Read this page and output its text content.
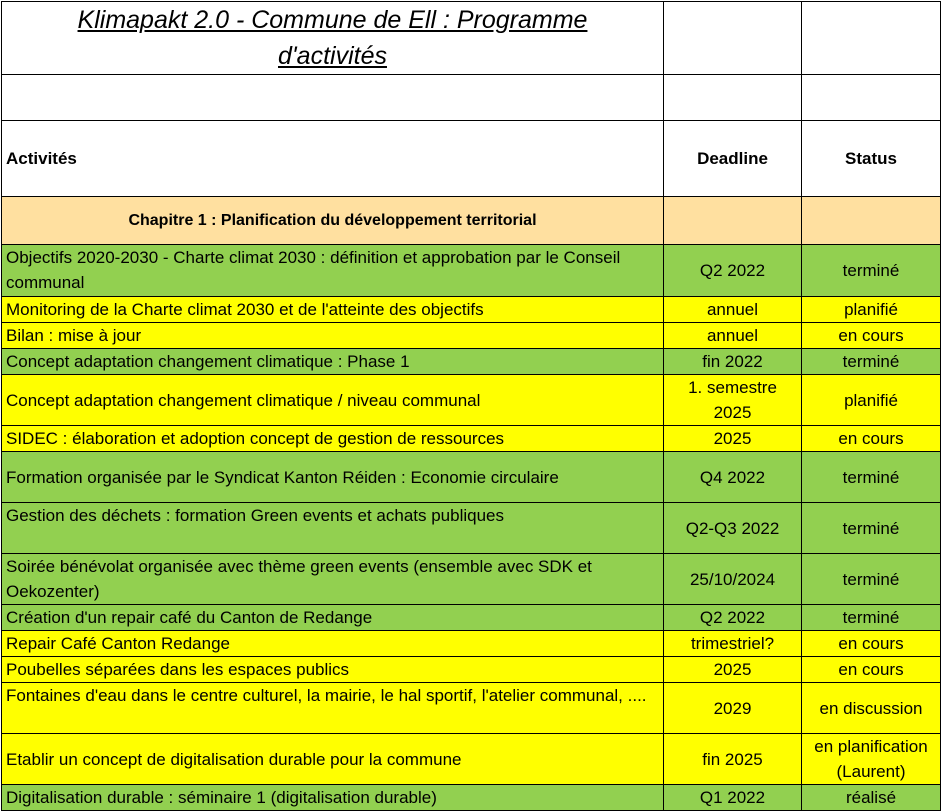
Klimapakt 2.0 - Commune de Ell : Programme d'activités		

Activités	Deadline	Status
Chapitre 1 : Planification du développement territorial		
Objectifs 2020-2030 - Charte climat 2030 : définition et approbation par le Conseil communal	Q2 2022	terminé
Monitoring de la Charte climat 2030 et de l'atteinte des objectifs	annuel	planifié
Bilan : mise à jour	annuel	en cours
Concept adaptation changement climatique : Phase 1	fin 2022	terminé
Concept adaptation changement climatique / niveau communal	1. semestre 2025	planifié
SIDEC : élaboration et adoption concept de gestion de ressources	2025	en cours
Formation organisée par le Syndicat Kanton Réiden : Economie circulaire	Q4 2022	terminé
Gestion des déchets : formation Green events et achats publiques	Q2-Q3 2022	terminé
Soirée bénévolat organisée avec thème green events (ensemble avec SDK et Oekozenter)	25/10/2024	terminé
Création d'un repair café du Canton de Redange	Q2 2022	terminé
Repair Café Canton Redange	trimestriel?	en cours
Poubelles séparées dans les espaces publics	2025	en cours
Fontaines d'eau dans le centre culturel, la mairie, le hal sportif, l'atelier communal, ....	2029	en discussion
Etablir un concept de digitalisation durable pour la commune	fin 2025	en planification (Laurent)
Digitalisation durable : séminaire 1 (digitalisation durable)	Q1 2022	réalisé
